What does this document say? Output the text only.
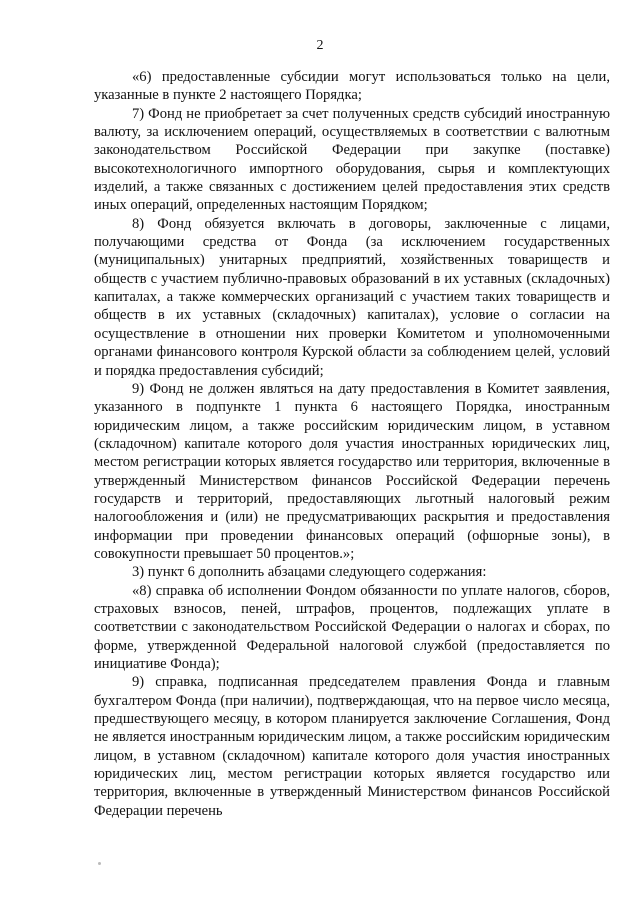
2

«6) предоставленные субсидии могут использоваться только на цели, указанные в пункте 2 настоящего Порядка;

7) Фонд не приобретает за счет полученных средств субсидий иностранную валюту, за исключением операций, осуществляемых в соответствии с валютным законодательством Российской Федерации при закупке (поставке) высокотехнологичного импортного оборудования, сырья и комплектующих изделий, а также связанных с достижением целей предоставления этих средств иных операций, определенных настоящим Порядком;

8) Фонд обязуется включать в договоры, заключенные с лицами, получающими средства от Фонда (за исключением государственных (муниципальных) унитарных предприятий, хозяйственных товариществ и обществ с участием публично-правовых образований в их уставных (складочных) капиталах, а также коммерческих организаций с участием таких товариществ и обществ в их уставных (складочных) капиталах), условие о согласии на осуществление в отношении них проверки Комитетом и уполномоченными органами финансового контроля Курской области за соблюдением целей, условий и порядка предоставления субсидий;

9) Фонд не должен являться на дату предоставления в Комитет заявления, указанного в подпункте 1 пункта 6 настоящего Порядка, иностранным юридическим лицом, а также российским юридическим лицом, в уставном (складочном) капитале которого доля участия иностранных юридических лиц, местом регистрации которых является государство или территория, включенные в утвержденный Министерством финансов Российской Федерации перечень государств и территорий, предоставляющих льготный налоговый режим налогообложения и (или) не предусматривающих раскрытия и предоставления информации при проведении финансовых операций (офшорные зоны), в совокупности превышает 50 процентов.»;

3) пункт 6 дополнить абзацами следующего содержания:

«8) справка об исполнении Фондом обязанности по уплате налогов, сборов, страховых взносов, пеней, штрафов, процентов, подлежащих уплате в соответствии с законодательством Российской Федерации о налогах и сборах, по форме, утвержденной Федеральной налоговой службой (предоставляется по инициативе Фонда);

9) справка, подписанная председателем правления Фонда и главным бухгалтером Фонда (при наличии), подтверждающая, что на первое число месяца, предшествующего месяцу, в котором планируется заключение Соглашения, Фонд не является иностранным юридическим лицом, а также российским юридическим лицом, в уставном (складочном) капитале которого доля участия иностранных юридических лиц, местом регистрации которых является государство или территория, включенные в утвержденный Министерством финансов Российской Федерации перечень
